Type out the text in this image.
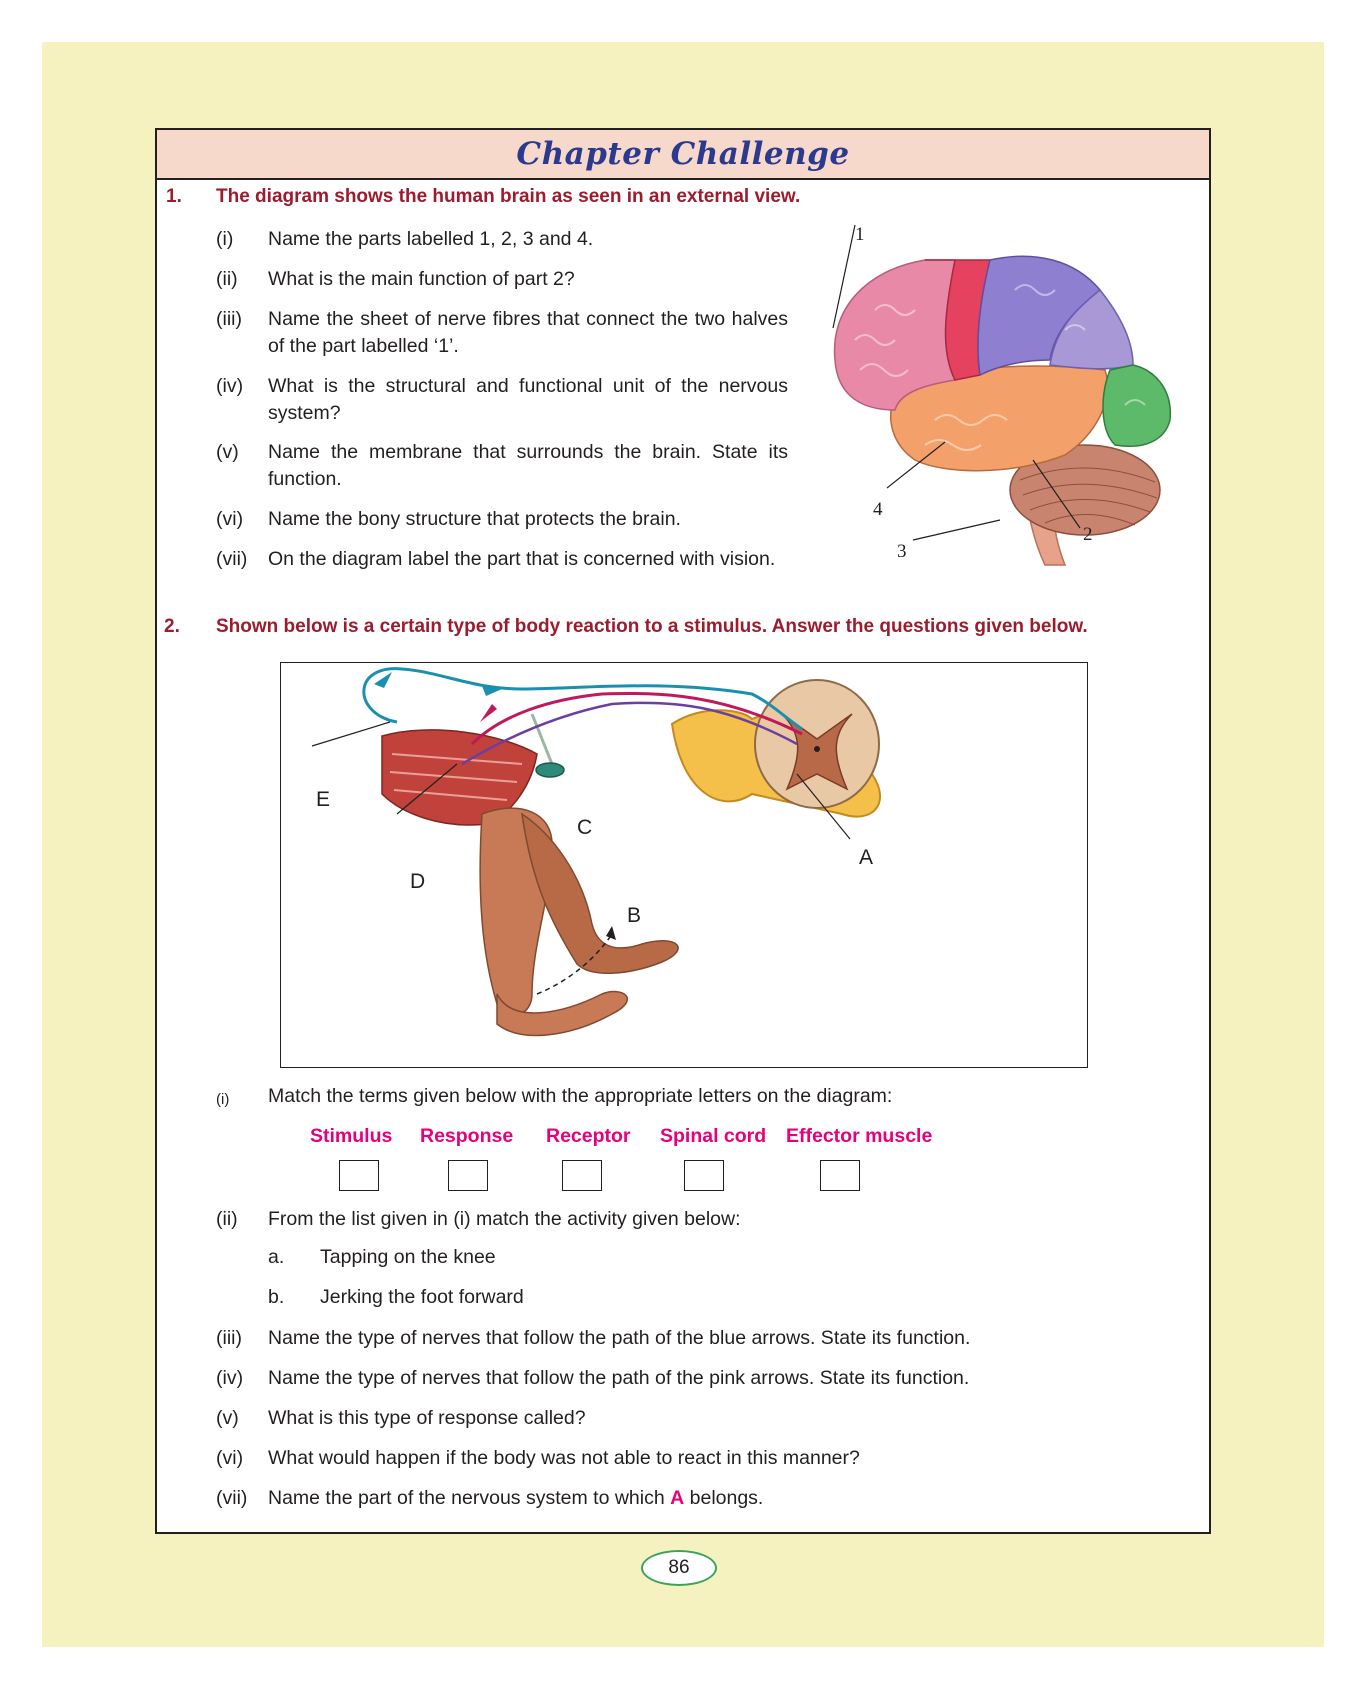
Chapter Challenge
1. The diagram shows the human brain as seen in an external view.
(i) Name the parts labelled 1, 2, 3 and 4.
(ii) What is the main function of part 2?
(iii) Name the sheet of nerve fibres that connect the two halves of the part labelled ‘1’.
(iv) What is the structural and functional unit of the nervous system?
(v) Name the membrane that surrounds the brain. State its function.
(vi) Name the bony structure that protects the brain.
(vii) On the diagram label the part that is concerned with vision.
1
2
3
4
2. Shown below is a certain type of body reaction to a stimulus. Answer the questions given below.
A
B
C
D
E
(i) Match the terms given below with the appropriate letters on the diagram:
Stimulus Response Receptor Spinal cord Effector muscle
(ii) From the list given in (i) match the activity given below:
a. Tapping on the knee
b. Jerking the foot forward
(iii) Name the type of nerves that follow the path of the blue arrows. State its function.
(iv) Name the type of nerves that follow the path of the pink arrows. State its function.
(v) What is this type of response called?
(vi) What would happen if the body was not able to react in this manner?
(vii) Name the part of the nervous system to which A belongs.
86
